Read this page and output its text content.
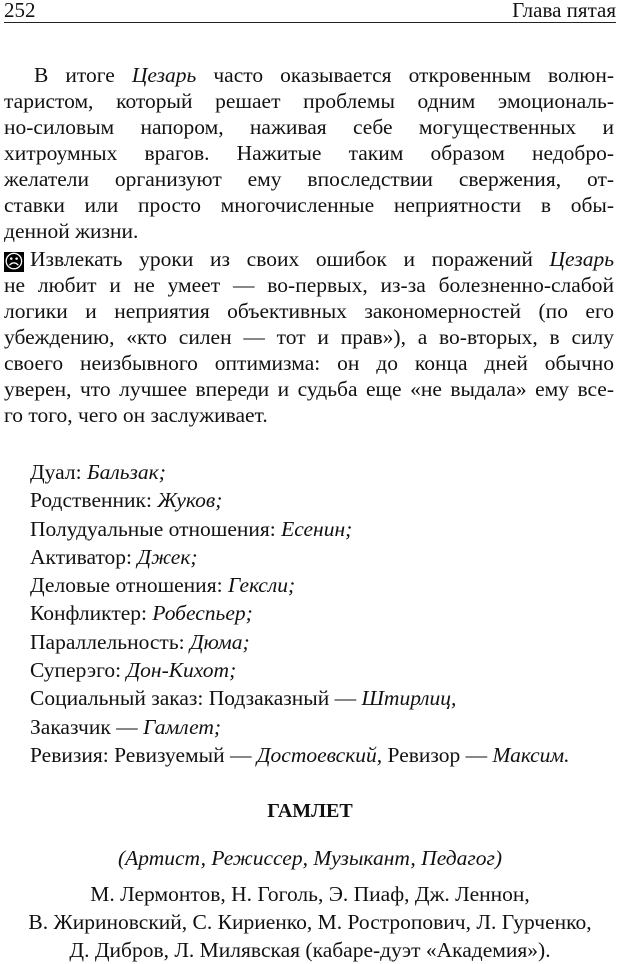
252	Глава пятая
В итоге Цезарь часто оказывается откровенным волюн-
таристом, который решает проблемы одним эмоциональ-
но-силовым напором, наживая себе могущественных и
хитроумных врагов. Нажитые таким образом недобро-
желатели организуют ему впоследствии свержения, от-
ставки или просто многочисленные неприятности в обы-
денной жизни.
☹ Извлекать уроки из своих ошибок и поражений Цезарь
не любит и не умеет — во-первых, из-за болезненно-слабой
логики и неприятия объективных закономерностей (по его
убеждению, «кто силен — тот и прав»), а во-вторых, в силу
своего неизбывного оптимизма: он до конца дней обычно
уверен, что лучшее впереди и судьба еще «не выдала» ему все-
го того, чего он заслуживает.
Дуал: Бальзак;
Родственник: Жуков;
Полудуальные отношения: Есенин;
Активатор: Джек;
Деловые отношения: Гексли;
Конфликтер: Робеспьер;
Параллельность: Дюма;
Суперэго: Дон-Кихот;
Социальный заказ: Подзаказный — Штирлиц,
Заказчик — Гамлет;
Ревизия: Ревизуемый — Достоевский, Ревизор — Максим.
ГАМЛЕТ
(Артист, Режиссер, Музыкант, Педагог)
М. Лермонтов, Н. Гоголь, Э. Пиаф, Дж. Леннон,
В. Жириновский, С. Кириенко, М. Ростропович, Л. Гурченко,
Д. Дибров, Л. Милявская (кабаре-дуэт «Академия»).
